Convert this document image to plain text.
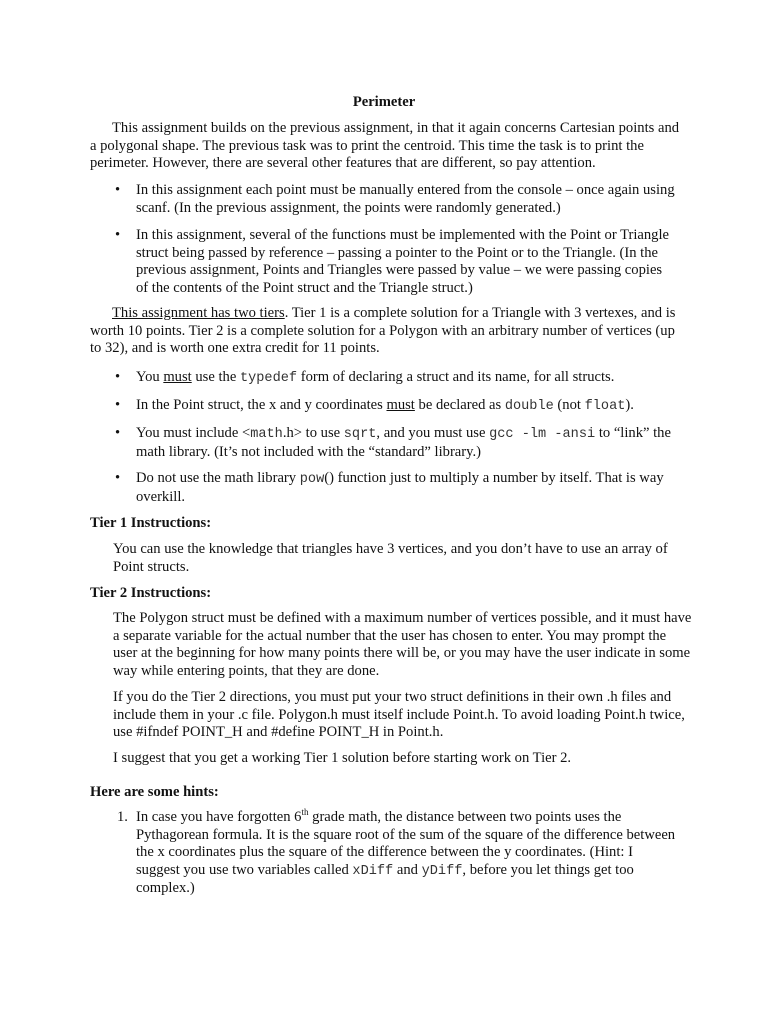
Perimeter
This assignment builds on the previous assignment, in that it again concerns Cartesian points and a polygonal shape. The previous task was to print the centroid. This time the task is to print the perimeter. However, there are several other features that are different, so pay attention.
• In this assignment each point must be manually entered from the console – once again using scanf. (In the previous assignment, the points were randomly generated.)
• In this assignment, several of the functions must be implemented with the Point or Triangle struct being passed by reference – passing a pointer to the Point or to the Triangle. (In the previous assignment, Points and Triangles were passed by value – we were passing copies of the contents of the Point struct and the Triangle struct.)
This assignment has two tiers. Tier 1 is a complete solution for a Triangle with 3 vertexes, and is worth 10 points. Tier 2 is a complete solution for a Polygon with an arbitrary number of vertices (up to 32), and is worth one extra credit for 11 points.
• You must use the typedef form of declaring a struct and its name, for all structs.
• In the Point struct, the x and y coordinates must be declared as double (not float).
• You must include <math.h> to use sqrt, and you must use gcc -lm -ansi to “link” the math library. (It’s not included with the “standard” library.)
• Do not use the math library pow() function just to multiply a number by itself. That is way overkill.
Tier 1 Instructions:
You can use the knowledge that triangles have 3 vertices, and you don’t have to use an array of Point structs.
Tier 2 Instructions:
The Polygon struct must be defined with a maximum number of vertices possible, and it must have a separate variable for the actual number that the user has chosen to enter. You may prompt the user at the beginning for how many points there will be, or you may have the user indicate in some way while entering points, that they are done.
If you do the Tier 2 directions, you must put your two struct definitions in their own .h files and include them in your .c file. Polygon.h must itself include Point.h. To avoid loading Point.h twice, use #ifndef POINT_H and #define POINT_H in Point.h.
I suggest that you get a working Tier 1 solution before starting work on Tier 2.
Here are some hints:
1. In case you have forgotten 6th grade math, the distance between two points uses the Pythagorean formula. It is the square root of the sum of the square of the difference between the x coordinates plus the square of the difference between the y coordinates. (Hint: I suggest you use two variables called xDiff and yDiff, before you let things get too complex.)
